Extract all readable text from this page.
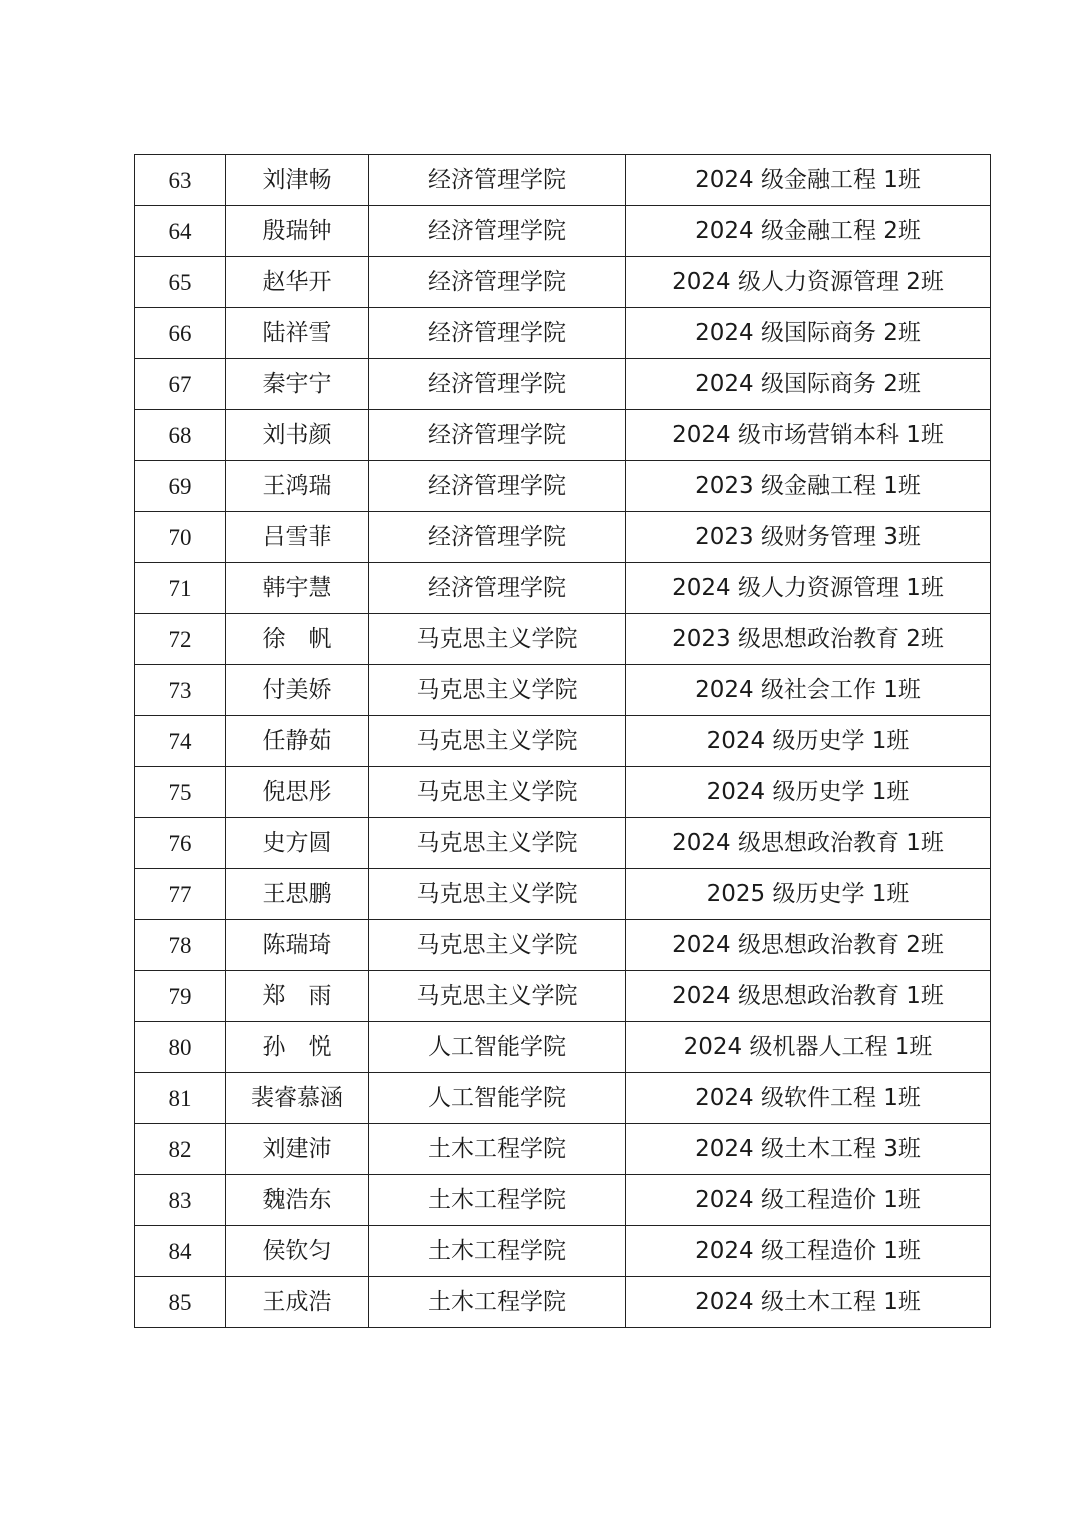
63	刘津畅	经济管理学院	2024 级金融工程 1班
64	殷瑞钟	经济管理学院	2024 级金融工程 2班
65	赵华开	经济管理学院	2024 级人力资源管理 2班
66	陆祥雪	经济管理学院	2024 级国际商务 2班
67	秦宇宁	经济管理学院	2024 级国际商务 2班
68	刘书颜	经济管理学院	2024 级市场营销本科 1班
69	王鸿瑞	经济管理学院	2023 级金融工程 1班
70	吕雪菲	经济管理学院	2023 级财务管理 3班
71	韩宇慧	经济管理学院	2024 级人力资源管理 1班
72	徐　帆	马克思主义学院	2023 级思想政治教育 2班
73	付美娇	马克思主义学院	2024 级社会工作 1班
74	任静茹	马克思主义学院	2024 级历史学 1班
75	倪思彤	马克思主义学院	2024 级历史学 1班
76	史方圆	马克思主义学院	2024 级思想政治教育 1班
77	王思鹏	马克思主义学院	2025 级历史学 1班
78	陈瑞琦	马克思主义学院	2024 级思想政治教育 2班
79	郑　雨	马克思主义学院	2024 级思想政治教育 1班
80	孙　悦	人工智能学院	2024 级机器人工程 1班
81	裴睿慕涵	人工智能学院	2024 级软件工程 1班
82	刘建沛	土木工程学院	2024 级土木工程 3班
83	魏浩东	土木工程学院	2024 级工程造价 1班
84	侯钦匀	土木工程学院	2024 级工程造价 1班
85	王成浩	土木工程学院	2024 级土木工程 1班
